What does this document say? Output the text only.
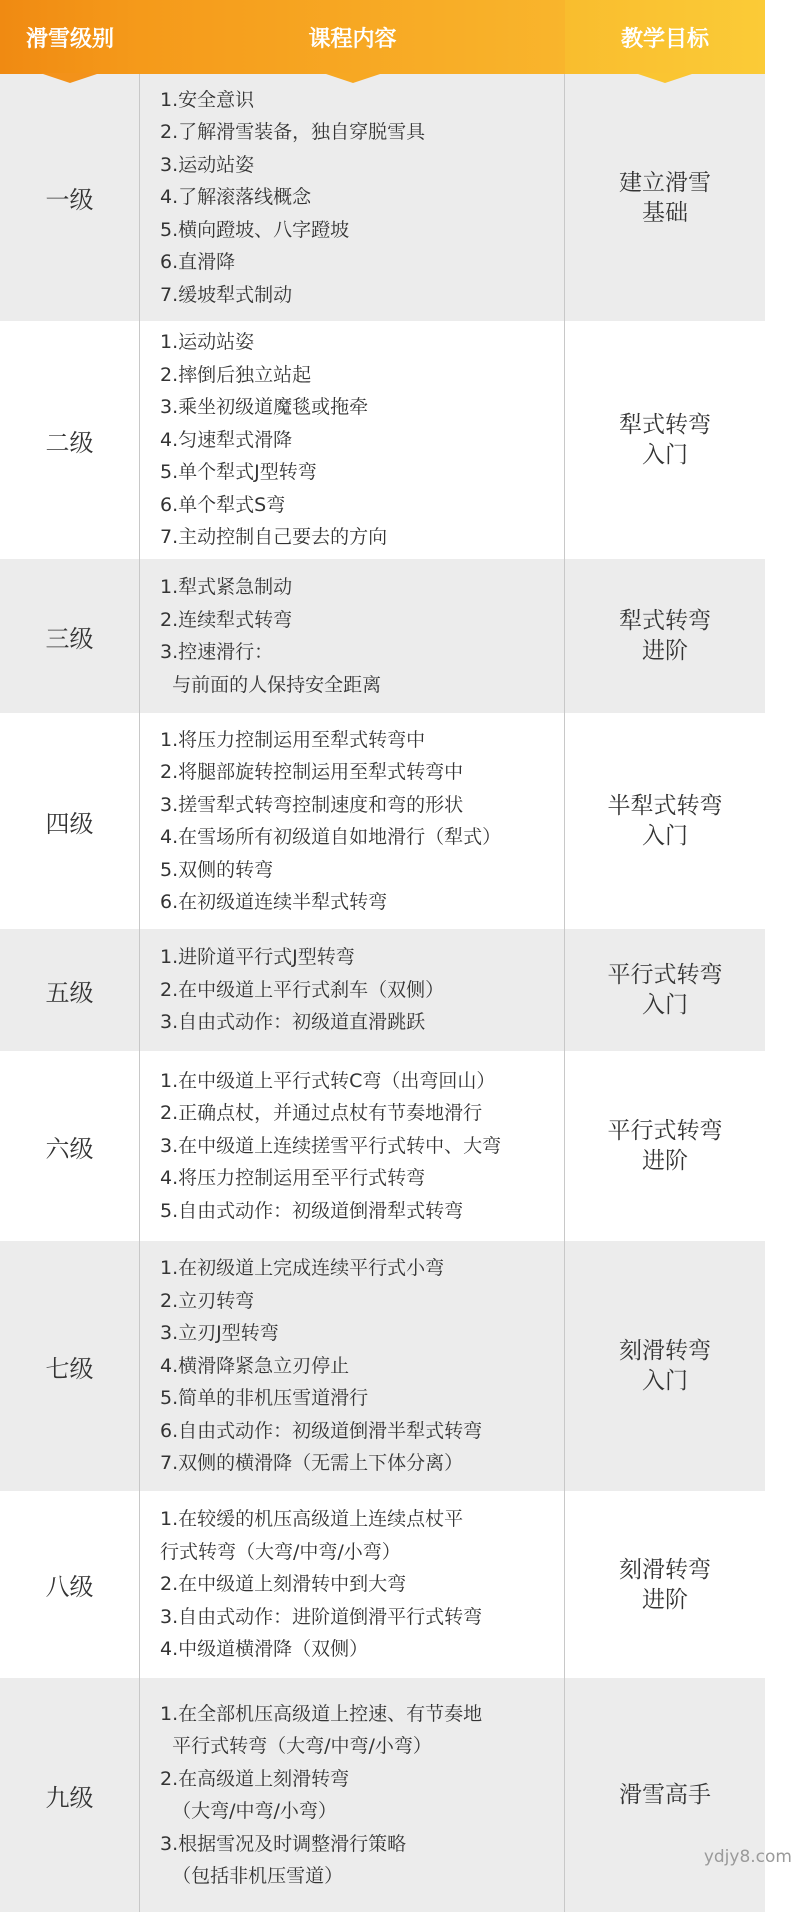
滑雪级别	课程内容	教学目标
一级
1.安全意识
2.了解滑雪装备，独自穿脱雪具
3.运动站姿
4.了解滚落线概念
5.横向蹬坡、八字蹬坡
6.直滑降
7.缓坡犁式制动
建立滑雪
基础
二级
1.运动站姿
2.摔倒后独立站起
3.乘坐初级道魔毯或拖牵
4.匀速犁式滑降
5.单个犁式J型转弯
6.单个犁式S弯
7.主动控制自己要去的方向
犁式转弯
入门
三级
1.犁式紧急制动
2.连续犁式转弯
3.控速滑行：
与前面的人保持安全距离
犁式转弯
进阶
四级
1.将压力控制运用至犁式转弯中
2.将腿部旋转控制运用至犁式转弯中
3.搓雪犁式转弯控制速度和弯的形状
4.在雪场所有初级道自如地滑行（犁式）
5.双侧的转弯
6.在初级道连续半犁式转弯
半犁式转弯
入门
五级
1.进阶道平行式J型转弯
2.在中级道上平行式刹车（双侧）
3.自由式动作：初级道直滑跳跃
平行式转弯
入门
六级
1.在中级道上平行式转C弯（出弯回山）
2.正确点杖，并通过点杖有节奏地滑行
3.在中级道上连续搓雪平行式转中、大弯
4.将压力控制运用至平行式转弯
5.自由式动作：初级道倒滑犁式转弯
平行式转弯
进阶
七级
1.在初级道上完成连续平行式小弯
2.立刃转弯
3.立刃J型转弯
4.横滑降紧急立刃停止
5.简单的非机压雪道滑行
6.自由式动作：初级道倒滑半犁式转弯
7.双侧的横滑降（无需上下体分离）
刻滑转弯
入门
八级
1.在较缓的机压高级道上连续点杖平
行式转弯（大弯/中弯/小弯）
2.在中级道上刻滑转中到大弯
3.自由式动作：进阶道倒滑平行式转弯
4.中级道横滑降（双侧）
刻滑转弯
进阶
九级
1.在全部机压高级道上控速、有节奏地
平行式转弯（大弯/中弯/小弯）
2.在高级道上刻滑转弯
（大弯/中弯/小弯）
3.根据雪况及时调整滑行策略
（包括非机压雪道）
滑雪高手
ydjy8.com
